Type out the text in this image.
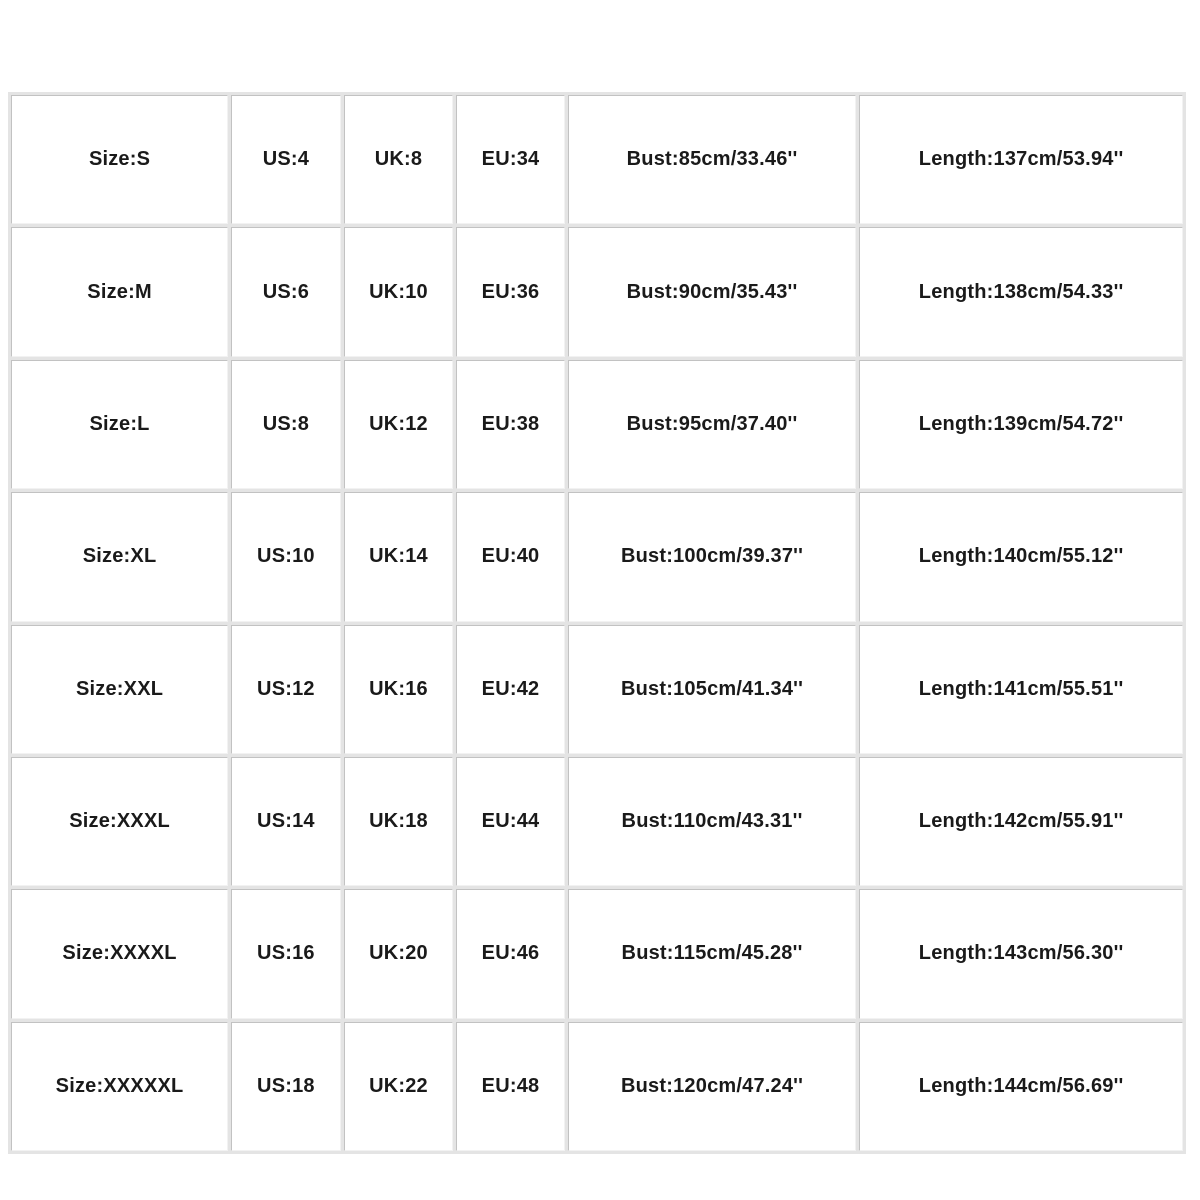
Size:S	US:4	UK:8	EU:34	Bust:85cm/33.46''	Length:137cm/53.94''
Size:M	US:6	UK:10	EU:36	Bust:90cm/35.43''	Length:138cm/54.33''
Size:L	US:8	UK:12	EU:38	Bust:95cm/37.40''	Length:139cm/54.72''
Size:XL	US:10	UK:14	EU:40	Bust:100cm/39.37''	Length:140cm/55.12''
Size:XXL	US:12	UK:16	EU:42	Bust:105cm/41.34''	Length:141cm/55.51''
Size:XXXL	US:14	UK:18	EU:44	Bust:110cm/43.31''	Length:142cm/55.91''
Size:XXXXL	US:16	UK:20	EU:46	Bust:115cm/45.28''	Length:143cm/56.30''
Size:XXXXXL	US:18	UK:22	EU:48	Bust:120cm/47.24''	Length:144cm/56.69''
